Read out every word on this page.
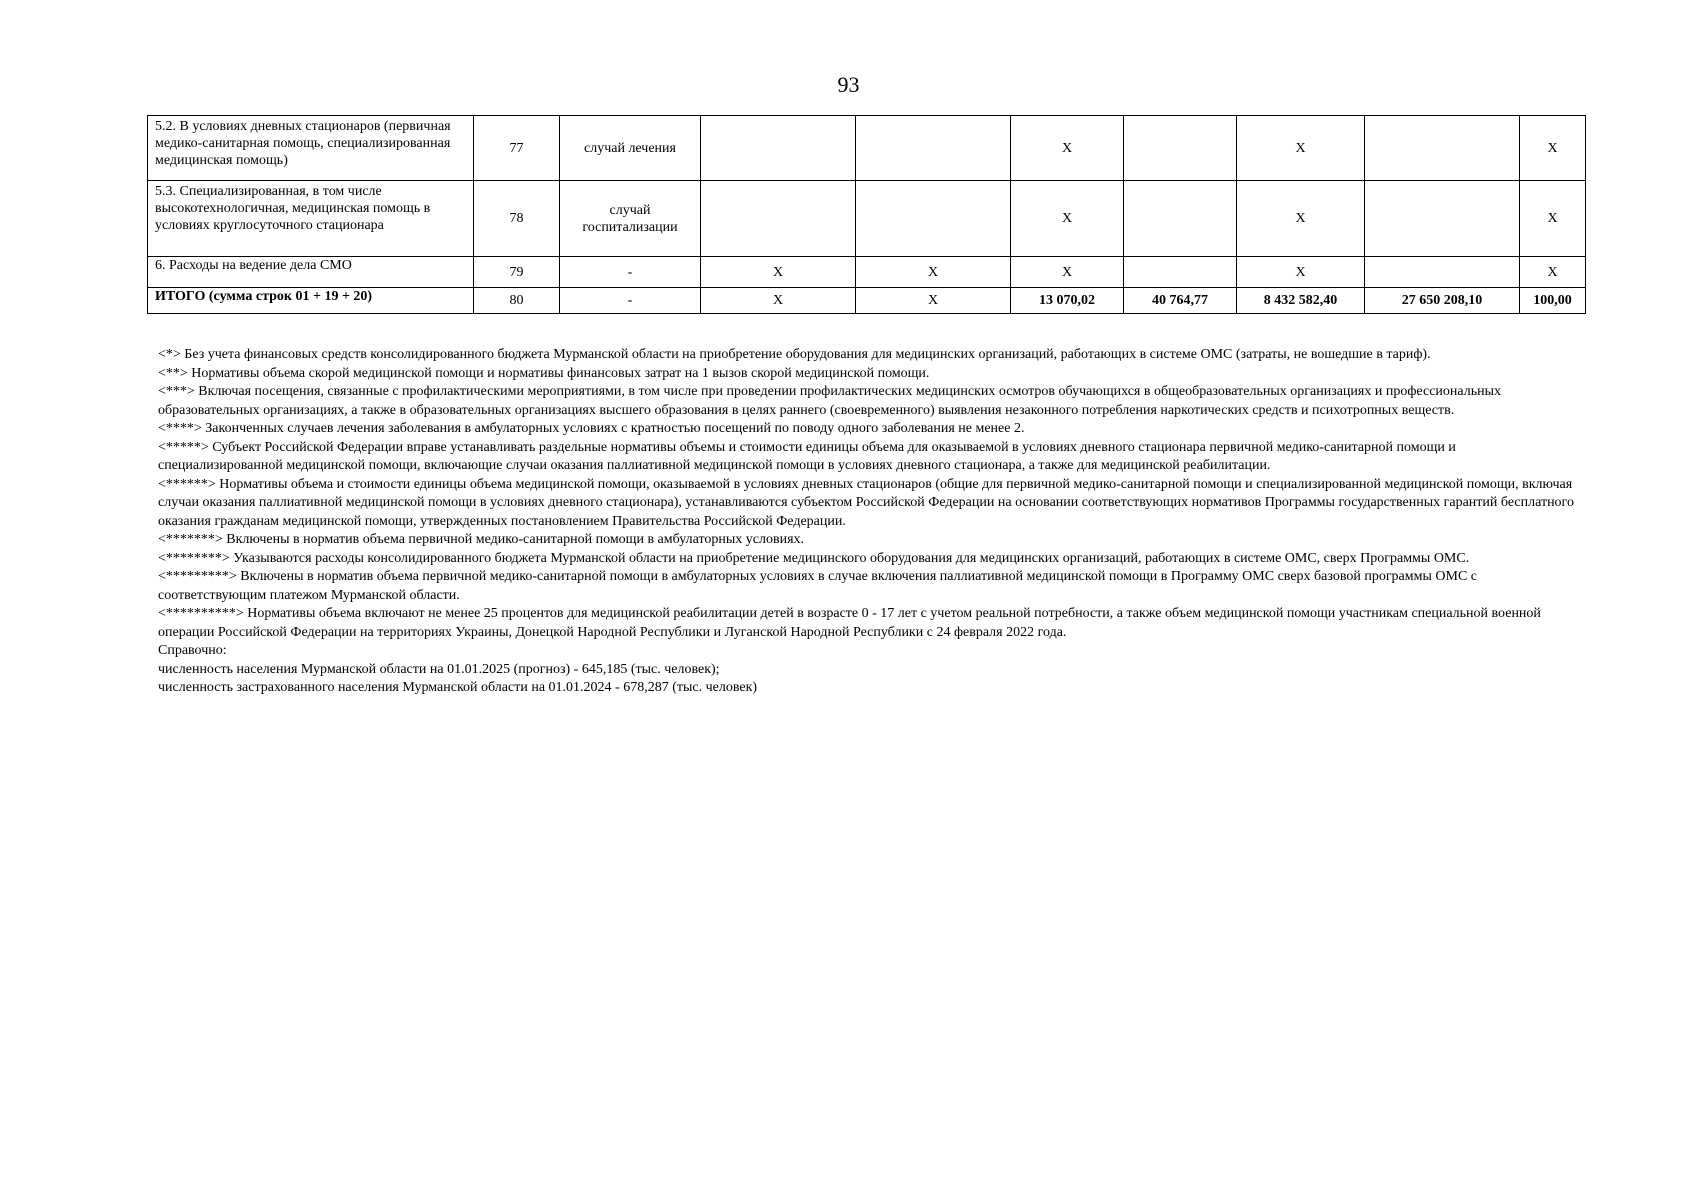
93
5.2. В условиях дневных стационаров (первичная медико-санитарная помощь, специализированная медицинская помощь)	77	случай лечения			X		X		X
5.3. Специализированная, в том числе высокотехнологичная, медицинская помощь в условиях круглосуточного стационара	78	случай госпитализации			X		X		X
6. Расходы на ведение дела СМО	79	-	X	X	X		X		X
ИТОГО (сумма строк 01 + 19 + 20)	80	-	X	X	13 070,02	40 764,77	8 432 582,40	27 650 208,10	100,00

<*> Без учета финансовых средств консолидированного бюджета Мурманской области на приобретение оборудования для медицинских организаций, работающих в системе ОМС (затраты, не вошедшие в тариф).

<**> Нормативы объема скорой медицинской помощи и нормативы финансовых затрат на 1 вызов скорой медицинской помощи.

<***> Включая посещения, связанные с профилактическими мероприятиями, в том числе при проведении профилактических медицинских осмотров обучающихся в общеобразовательных организациях и профессиональных образовательных организациях, а также в образовательных организациях высшего образования в целях раннего (своевременного) выявления незаконного потребления наркотических средств и психотропных веществ.

<****> Законченных случаев лечения заболевания в амбулаторных условиях с кратностью посещений по поводу одного заболевания не менее 2.

<*****> Субъект Российской Федерации вправе устанавливать раздельные нормативы объемы и стоимости единицы объема для оказываемой в условиях дневного стационара первичной медико-санитарной помощи и специализированной медицинской помощи, включающие случаи оказания паллиативной медицинской помощи в условиях дневного стационара, а также для медицинской реабилитации.

<******> Нормативы объема и стоимости единицы объема медицинской помощи, оказываемой в условиях дневных стационаров (общие для первичной медико-санитарной помощи и специализированной медицинской помощи, включая случаи оказания паллиативной медицинской помощи в условиях дневного стационара), устанавливаются субъектом Российской Федерации на основании соответствующих нормативов Программы государственных гарантий бесплатного оказания гражданам медицинской помощи, утвержденных постановлением Правительства Российской Федерации.

<*******> Включены в норматив объема первичной медико-санитарной помощи в амбулаторных условиях.

<********> Указываются расходы консолидированного бюджета Мурманской области на приобретение медицинского оборудования для медицинских организаций, работающих в системе ОМС, сверх Программы ОМС.

<*********> Включены в норматив объема первичной медико-санитарной помощи в амбулаторных условиях в случае включения паллиативной медицинской помощи в Программу ОМС сверх базовой программы ОМС с соответствующим платежом Мурманской области.

<**********> Нормативы объема включают не менее 25 процентов для медицинской реабилитации детей в возрасте 0 - 17 лет с учетом реальной потребности, а также объем медицинской помощи участникам специальной военной операции Российской Федерации на территориях Украины, Донецкой Народной Республики и Луганской Народной Республики с 24 февраля 2022 года.

Справочно:

численность населения Мурманской области на 01.01.2025 (прогноз) - 645,185 (тыс. человек);

численность застрахованного населения Мурманской области на 01.01.2024 - 678,287 (тыс. человек)
